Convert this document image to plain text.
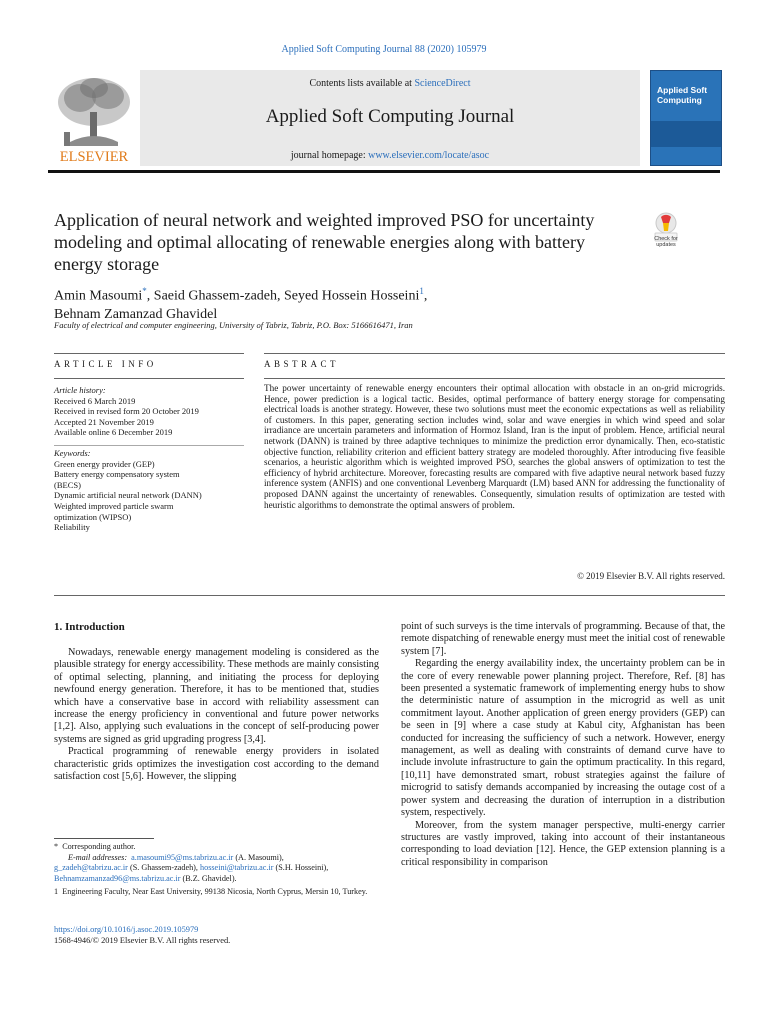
Applied Soft Computing Journal 88 (2020) 105979
ELSEVIER
Contents lists available at ScienceDirect
Applied Soft Computing Journal
journal homepage: www.elsevier.com/locate/asoc
Applied Soft Computing
Application of neural network and weighted improved PSO for uncertainty modeling and optimal allocating of renewable energies along with battery energy storage
Check for updates
Amin Masoumi*, Saeid Ghassem-zadeh, Seyed Hossein Hosseini$^1$,
Behnam Zamanzad Ghavidel
Faculty of electrical and computer engineering, University of Tabriz, Tabriz, P.O. Box: 5166616471, Iran
ARTICLE INFO	ABSTRACT
Article history:
Received 6 March 2019
Received in revised form 20 October 2019
Accepted 21 November 2019
Available online 6 December 2019
Keywords:
Green energy provider (GEP)
Battery energy compensatory system
(BECS)
Dynamic artificial neural network (DANN)
Weighted improved particle swarm
optimization (WIPSO)
Reliability

The power uncertainty of renewable energy encounters their optimal allocation with obstacle in an on-grid microgrids. Hence, power prediction is a logical tactic. Besides, optimal performance of battery energy storage for compensating electrical loads is another strategy. However, these two solutions must meet the economic expectations as well as reliability of customers. In this paper, generating section includes wind, solar and wave energies in which wind speed and solar irradiance are uncertain parameters and information of Hormoz Island, Iran is the input of problem. Hence, artificial neural network (DANN) is trained by three adaptive techniques to minimize the prediction error dynamically. Then, eco-statistic objective function, reliability criterion and efficient battery strategy are modeled thoroughly. After introducing five feasible scenarios, a heuristic algorithm which is weighted improved PSO, searches the global answers of optimization to test the efficiency of hybrid architecture. Moreover, forecasting results are compared with five adaptive neural network based fuzzy inference system (ANFIS) and one conventional Levenberg Marquardt (LM) based ANN for addressing the functionality of proposed DANN against the uncertainty of renewables. Consequently, simulation results of optimization are tested with heuristic algorithms to demonstrate the optimal answers of problem.

© 2019 Elsevier B.V. All rights reserved.
1. Introduction

Nowadays, renewable energy management modeling is considered as the plausible strategy for energy accessibility. These methods are mainly consisting of optimal selecting, planning, and initiating the process for deploying newfound energy generation. Therefore, it has to be mentioned that, studies which have a conservative base in accord with reliability assessment can increase the energy proficiency in conventional and future power networks [1,2]. Also, applying such evaluations in the concept of self-producing power systems are signed as grid upgrading progress [3,4].

Practical programming of renewable energy providers in isolated characteristic grids optimizes the investigation cost according to the demand satisfaction cost [5,6]. However, the slipping

point of such surveys is the time intervals of programming. Because of that, the remote dispatching of renewable energy must meet the initial cost of renewable system [7].

Regarding the energy availability index, the uncertainty problem can be in the core of every renewable power planning project. Therefore, Ref. [8] has been presented a systematic framework of implementing energy hubs to show the deterministic nature of assumption in the microgrid as well as unit commitment layout. Another application of green energy providers (GEP) can be seen in [9] where a case study at Kabul city, Afghanistan has been conducted for increasing the sufficiency of such a network. However, energy management, as well as dealing with constraints of demand curve have to include involute infrastructure to gain the optimum practicality. In this regard, [10,11] have demonstrated smart, robust strategies against the failure of microgrid to satisfy demands accompanied by increasing the outage cost of a power system and decreasing the duration of interruption in a distribution system, respectively.

Moreover, from the system manager perspective, multi-energy carrier structures are vastly improved, taking into account of their instantaneous corresponding to load deviation [12]. Hence, the GEP extension planning is a critical responsibility in comparison

* Corresponding author.
E-mail addresses: a.masoumi95@ms.tabrizu.ac.ir (A. Masoumi),
g_zadeh@tabrizu.ac.ir (S. Ghassem-zadeh), hosseini@tabrizu.ac.ir (S.H. Hosseini),
Behnamzamanzad96@ms.tabrizu.ac.ir (B.Z. Ghavidel).
1 Engineering Faculty, Near East University, 99138 Nicosia, North Cyprus, Mersin 10, Turkey.
https://doi.org/10.1016/j.asoc.2019.105979
1568-4946/© 2019 Elsevier B.V. All rights reserved.
